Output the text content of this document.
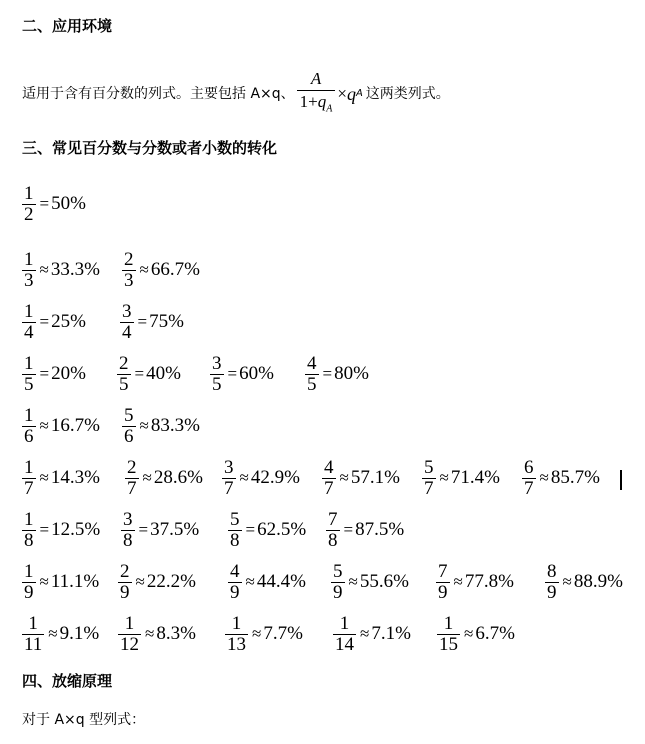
二、应用环境
适用于含有百分数的列式。主要包括 A×q、 $\frac{A}{1+q_A} \times q$ A 这两类列式。
三、常见百分数与分数或者小数的转化
$\frac{1}{2} = 50\%$
$\frac{1}{3} \approx 33.3\% \frac{2}{3} \approx 66.7\%$
$\frac{1}{4} = 25\% \frac{3}{4} = 75\%$
$\frac{1}{5} = 20\% \frac{2}{5} = 40\% \frac{3}{5} = 60\% \frac{4}{5} = 80\%$
$\frac{1}{6} \approx 16.7\% \frac{5}{6} \approx 83.3\%$
$\frac{1}{7} \approx 14.3\% \frac{2}{7} \approx 28.6\% \frac{3}{7} \approx 42.9\% \frac{4}{7} \approx 57.1\% \frac{5}{7} \approx 71.4\% \frac{6}{7} \approx 85.7\%$
$\frac{1}{8} = 12.5\% \frac{3}{8} = 37.5\% \frac{5}{8} = 62.5\% \frac{7}{8} = 87.5\%$
$\frac{1}{9} \approx 11.1\% \frac{2}{9} \approx 22.2\% \frac{4}{9} \approx 44.4\% \frac{5}{9} \approx 55.6\% \frac{7}{9} \approx 77.8\% \frac{8}{9} \approx 88.9\%$
$\frac{1}{11} \approx 9.1\% \frac{1}{12} \approx 8.3\% \frac{1}{13} \approx 7.7\% \frac{1}{14} \approx 7.1\% \frac{1}{15} \approx 6.7\%$
四、放缩原理
对于 A×q 型列式：
